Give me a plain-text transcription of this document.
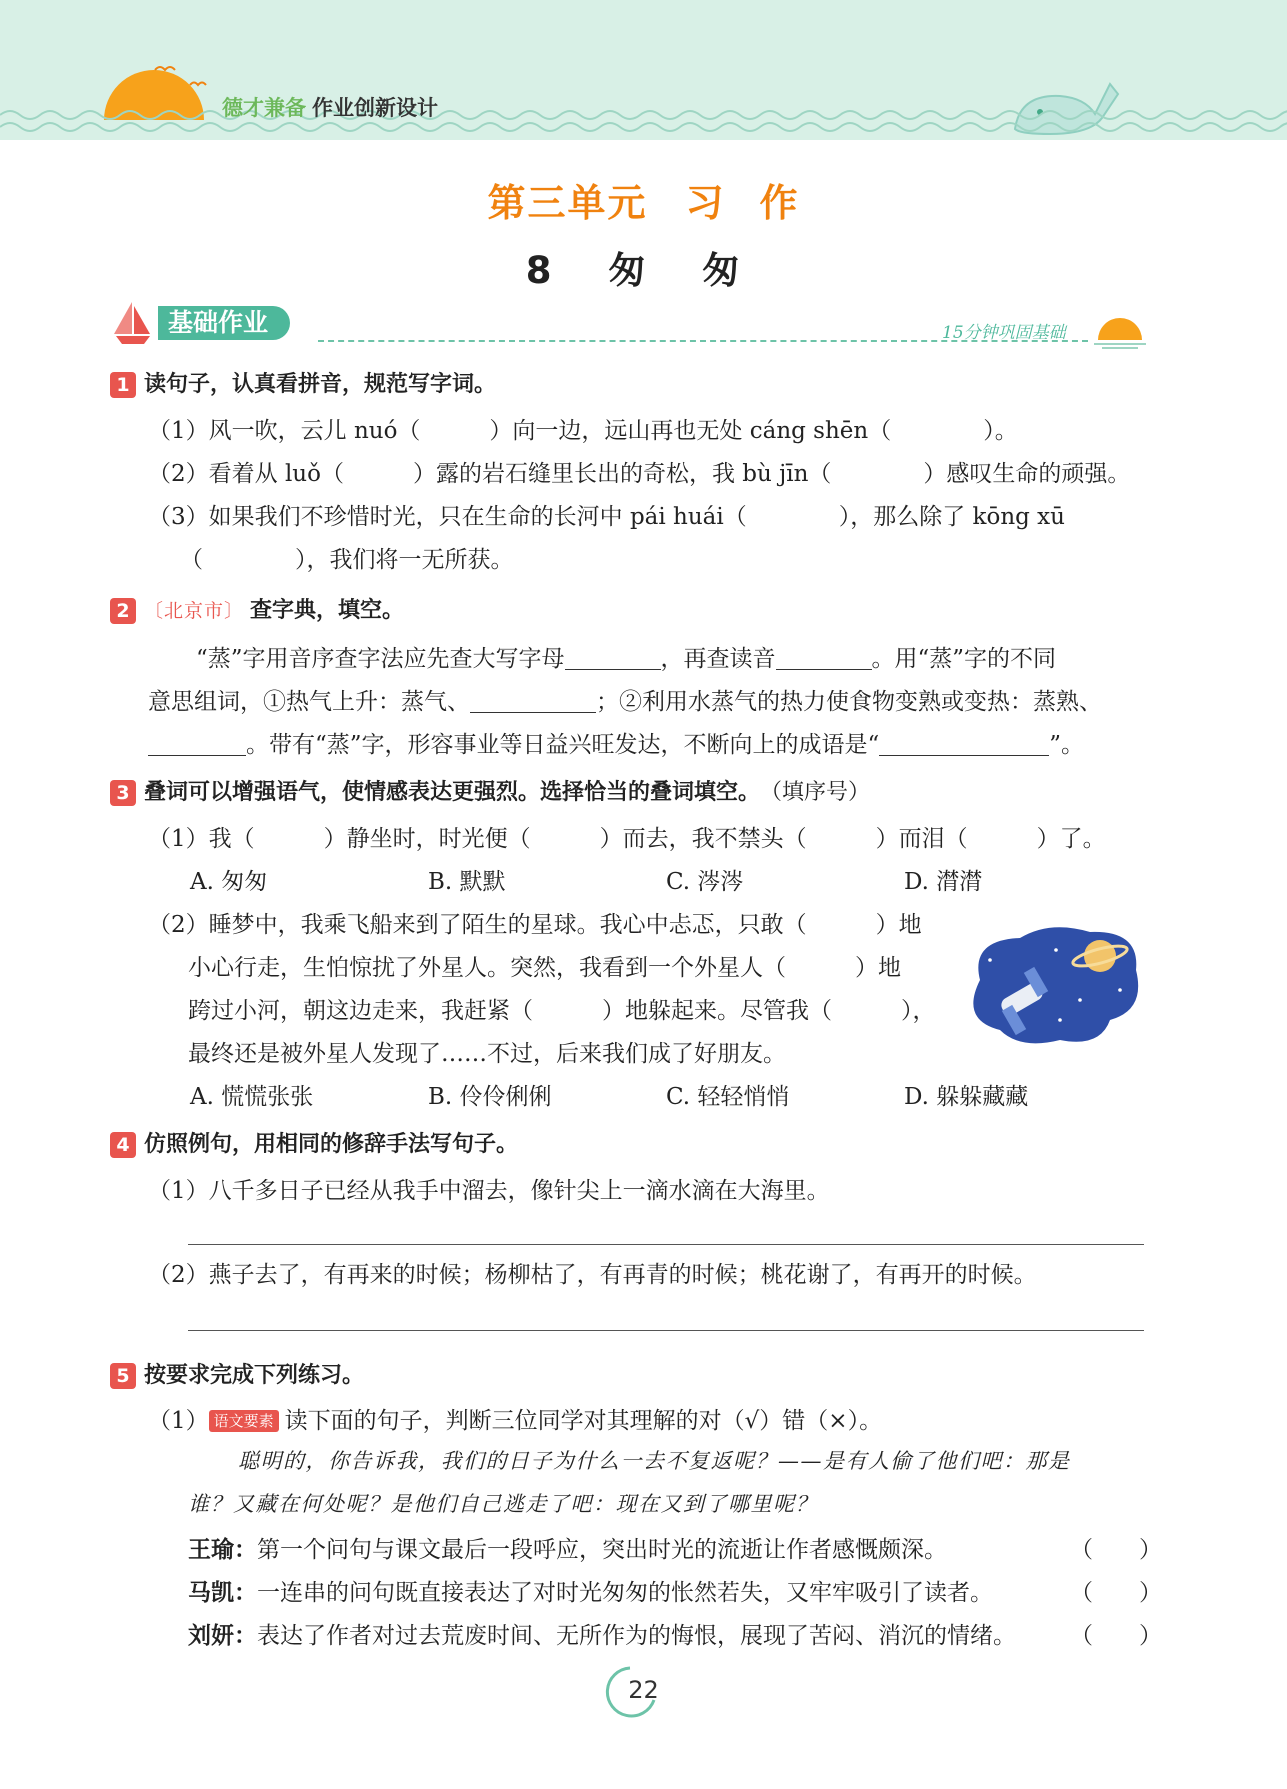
德才兼备 作业创新设计
第三单元 习 作
8 匆 匆
基础作业	15分钟巩固基础
1 读句子，认真看拼音，规范写字词。
（1）风一吹，云儿 nuó（　　　）向一边，远山再也无处 cáng shēn（　　　　）。
（2）看着从 luǒ（　　　）露的岩石缝里长出的奇松，我 bù jīn（　　　　）感叹生命的顽强。
（3）如果我们不珍惜时光，只在生命的长河中 pái huái（　　　　），那么除了 kōng xū
（　　　　），我们将一无所获。
2 〔北京市〕 查字典，填空。
“蒸”字用音序查字法应先查大写字母	，再查读音	。用“蒸”字的不同
意思组词，①热气上升：蒸气、	；②利用水蒸气的热力使食物变熟或变热：蒸熟、
。带有“蒸”字，形容事业等日益兴旺发达，不断向上的成语是“	”。
3 叠词可以增强语气，使情感表达更强烈。选择恰当的叠词填空。 （填序号）
（1）我（　　　）静坐时，时光便（　　　）而去，我不禁头（　　　）而泪（　　　）了。
A. 匆匆	B. 默默	C. 涔涔	D. 潸潸
（2）睡梦中，我乘飞船来到了陌生的星球。我心中忐忑，只敢（　　　）地
小心行走，生怕惊扰了外星人。突然，我看到一个外星人（　　　）地
跨过小河，朝这边走来，我赶紧（　　　）地躲起来。尽管我（　　　），
最终还是被外星人发现了……不过，后来我们成了好朋友。
A. 慌慌张张	B. 伶伶俐俐	C. 轻轻悄悄	D. 躲躲藏藏
4 仿照例句，用相同的修辞手法写句子。
（1）八千多日子已经从我手中溜去，像针尖上一滴水滴在大海里。
（2）燕子去了，有再来的时候；杨柳枯了，有再青的时候；桃花谢了，有再开的时候。
5 按要求完成下列练习。
（1） 语文要素 读下面的句子，判断三位同学对其理解的对（√）错（×）。
聪明的，你告诉我，我们的日子为什么一去不复返呢？——是有人偷了他们吧：那是
谁？又藏在何处呢？是他们自己逃走了吧：现在又到了哪里呢？
王瑜：第一个问句与课文最后一段呼应，突出时光的流逝让作者感慨颇深。	（　　）
马凯：一连串的问句既直接表达了对时光匆匆的怅然若失，又牢牢吸引了读者。	（　　）
刘妍：表达了作者对过去荒废时间、无所作为的悔恨，展现了苦闷、消沉的情绪。 （　　）
22
